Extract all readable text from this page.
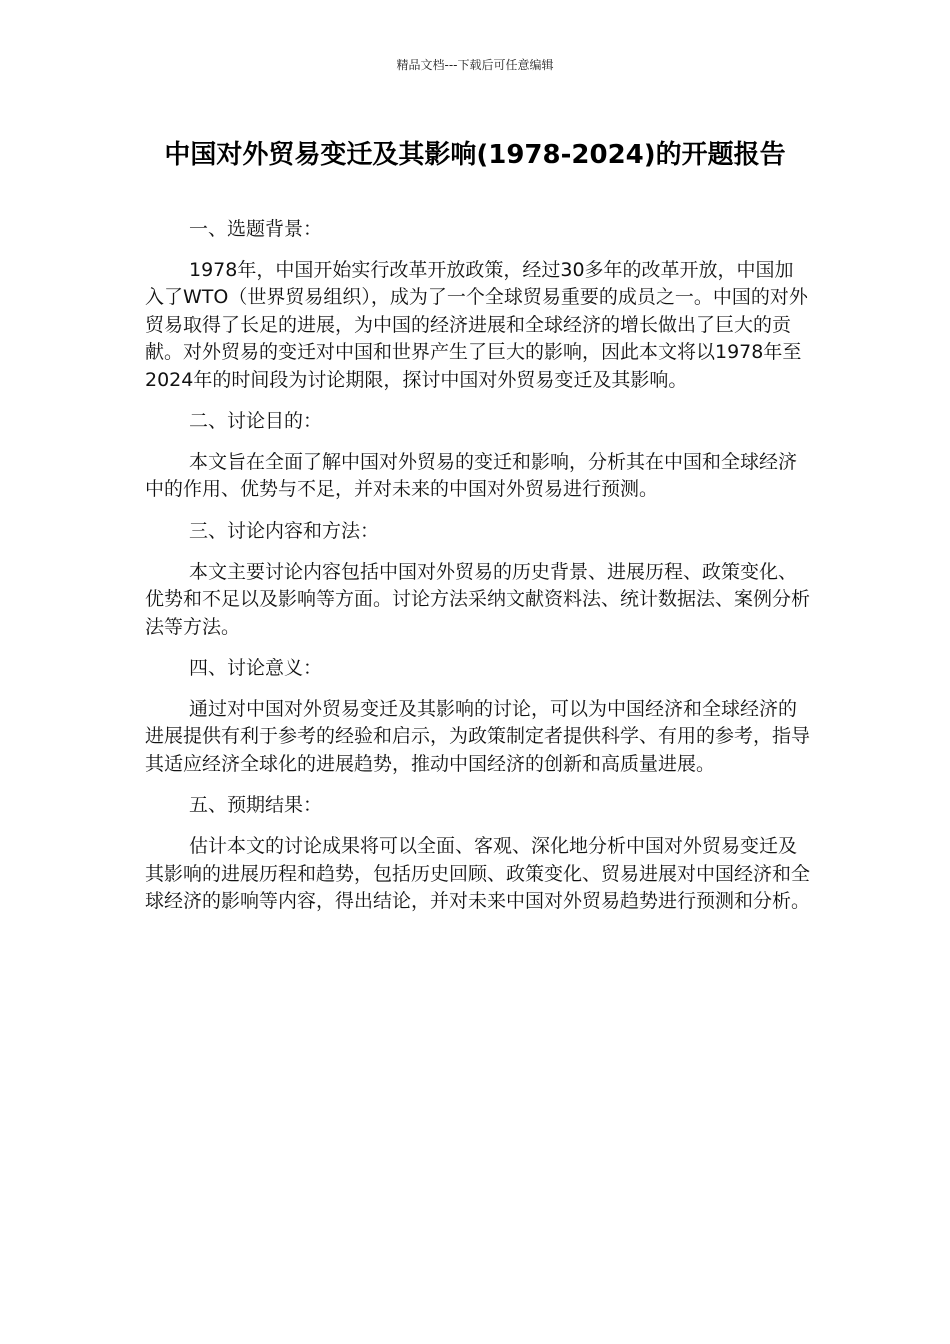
精品文档---下载后可任意编辑
中国对外贸易变迁及其影响(1978-2024)的开题报告

一、选题背景：

1978年，中国开始实行改革开放政策，经过30多年的改革开放，中国加入了WTO（世界贸易组织），成为了一个全球贸易重要的成员之一。中国的对外贸易取得了长足的进展，为中国的经济进展和全球经济的增长做出了巨大的贡献。对外贸易的变迁对中国和世界产生了巨大的影响，因此本文将以1978年至2024年的时间段为讨论期限，探讨中国对外贸易变迁及其影响。

二、讨论目的：

本文旨在全面了解中国对外贸易的变迁和影响，分析其在中国和全球经济中的作用、优势与不足，并对未来的中国对外贸易进行预测。

三、讨论内容和方法：

本文主要讨论内容包括中国对外贸易的历史背景、进展历程、政策变化、优势和不足以及影响等方面。讨论方法采纳文献资料法、统计数据法、案例分析法等方法。

四、讨论意义：

通过对中国对外贸易变迁及其影响的讨论，可以为中国经济和全球经济的进展提供有利于参考的经验和启示，为政策制定者提供科学、有用的参考，指导其适应经济全球化的进展趋势，推动中国经济的创新和高质量进展。

五、预期结果：

估计本文的讨论成果将可以全面、客观、深化地分析中国对外贸易变迁及其影响的进展历程和趋势，包括历史回顾、政策变化、贸易进展对中国经济和全球经济的影响等内容，得出结论，并对未来中国对外贸易趋势进行预测和分析。
